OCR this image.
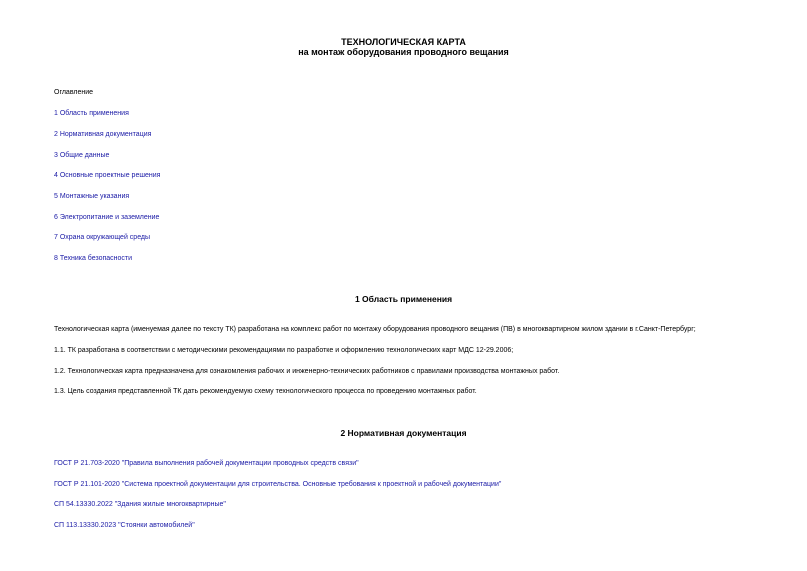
ТЕХНОЛОГИЧЕСКАЯ КАРТА
на монтаж оборудования проводного вещания
Оглавление
1 Область применения
2 Нормативная документация
3 Общие данные
4 Основные проектные решения
5 Монтажные указания
6 Электропитание и заземление
7 Охрана окружающей среды
8 Техника безопасности
1 Область применения
Технологическая карта (именуемая далее по тексту ТК) разработана на комплекс работ по монтажу оборудования проводного вещания (ПВ) в многоквартирном жилом здании в г.Санкт-Петербург;
1.1. ТК разработана в соответствии с методическими рекомендациями по разработке и оформлению технологических карт МДС 12-29.2006;
1.2. Технологическая карта предназначена для ознакомления рабочих и инженерно-технических работников с правилами производства монтажных работ.
1.3. Цель создания представленной ТК дать рекомендуемую схему технологического процесса по проведению монтажных работ.
2 Нормативная документация
ГОСТ Р 21.703-2020 "Правила выполнения рабочей документации проводных средств связи"
ГОСТ Р 21.101-2020 "Система проектной документации для строительства. Основные требования к проектной и рабочей документации"
СП 54.13330.2022 "Здания жилые многоквартирные"
СП 113.13330.2023 "Стоянки автомобилей"
